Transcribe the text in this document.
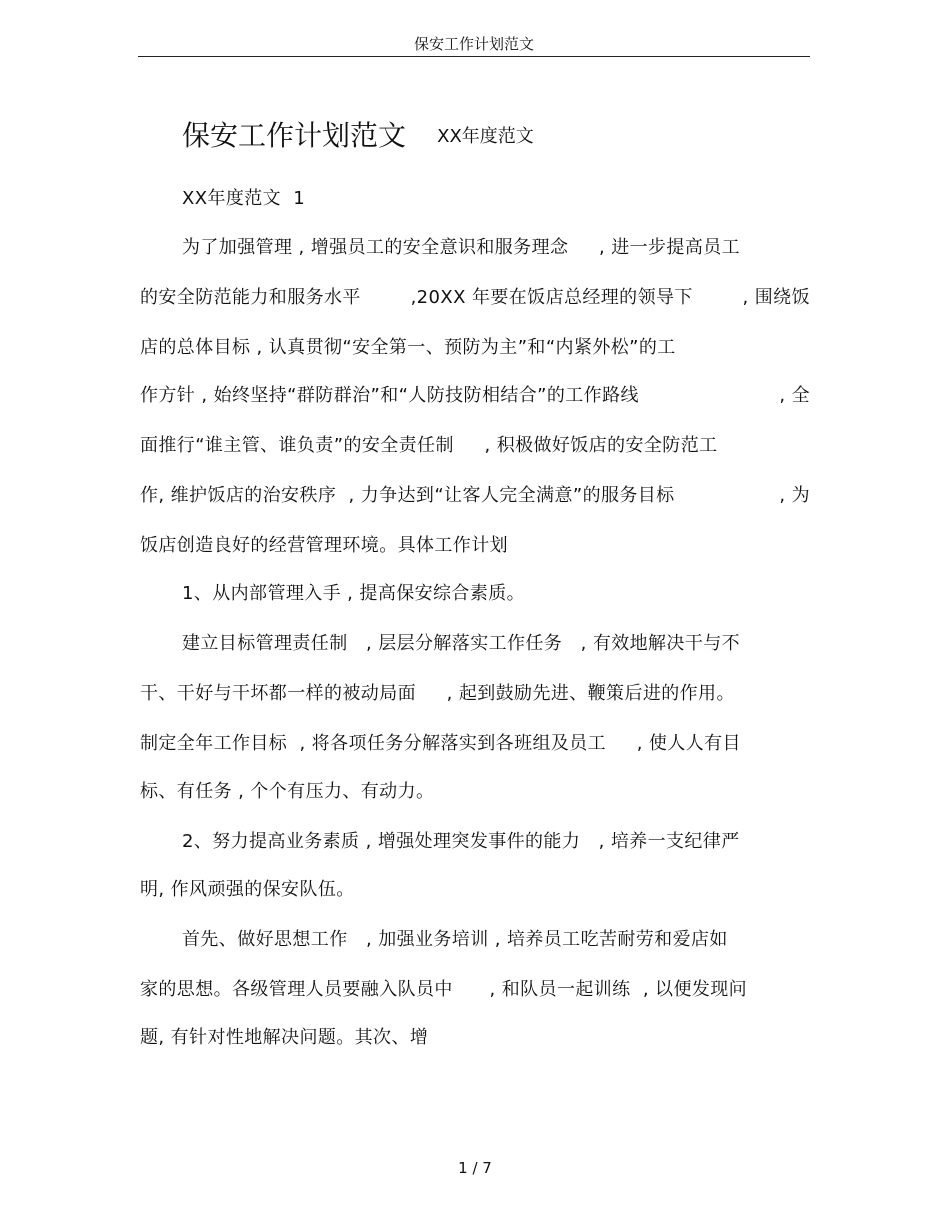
保安工作计划范文
保安工作计划范文 XX年度范文
XX年度范文  1
为了加强管理 , 增强员工的安全意识和服务理念     , 进一步提高员工
的安全防范能力和服务水平	,20XX 年要在饭店总经理的领导下	, 围绕饭
店的总体目标 , 认真贯彻“安全第一、预防为主”和“内紧外松”的工
作方针 , 始终坚持“群防群治”和“人防技防相结合”的工作路线	, 全
面推行“谁主管、谁负责”的安全责任制     , 积极做好饭店的安全防范工
作, 维护饭店的治安秩序  , 力争达到“让客人完全满意”的服务目标	, 为
饭店创造良好的经营管理环境。具体工作计划
1、从内部管理入手 , 提高保安综合素质。
建立目标管理责任制   , 层层分解落实工作任务   , 有效地解决干与不
干、干好与干坏都一样的被动局面     , 起到鼓励先进、鞭策后进的作用。
制定全年工作目标  , 将各项任务分解落实到各班组及员工     , 使人人有目
标、有任务 , 个个有压力、有动力。
2、努力提高业务素质 , 增强处理突发事件的能力   , 培养一支纪律严
明, 作风顽强的保安队伍。
首先、做好思想工作   , 加强业务培训 , 培养员工吃苦耐劳和爱店如
家的思想。各级管理人员要融入队员中      , 和队员一起训练  , 以便发现问
题, 有针对性地解决问题。其次、增
1 / 7
